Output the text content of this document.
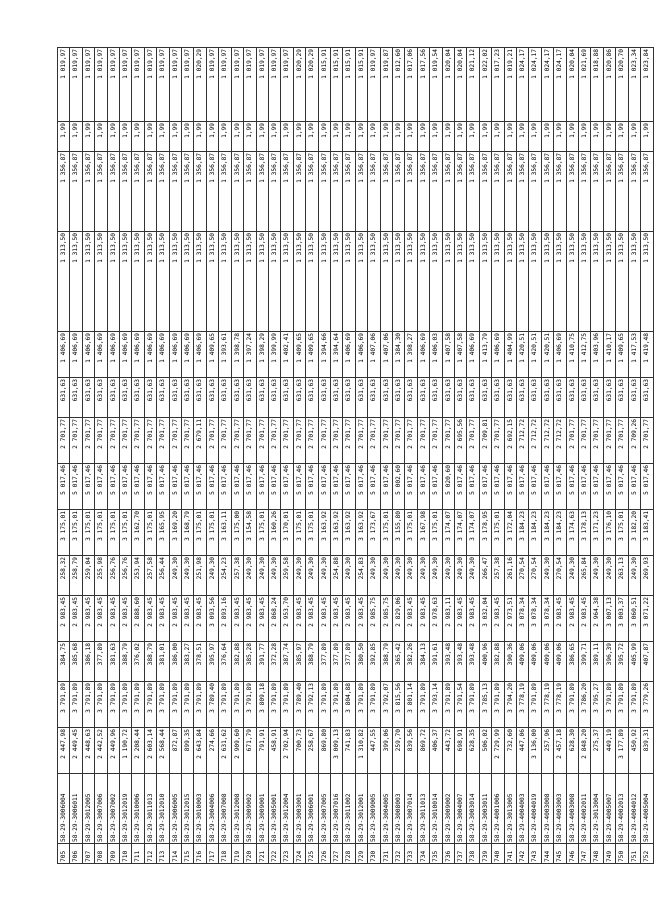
705	58-29-3006004	2 447,98	3 791,89	384,75	2 983,45	258,32	3 175,01	5 017,46	2 701,77	631,63	1 406,69	1 313,50	1 356,87	1,99	1 019,97
706	58-29-3006011	2 449,45	3 791,89	385,68	2 983,45	258,79	3 175,01	5 017,46	2 701,77	631,63	1 406,69	1 313,50	1 356,87	1,99	1 019,97
707	58-29-3012005	2 448,63	3 791,89	386,18	2 983,45	259,04	3 175,01	5 017,46	2 701,77	631,63	1 406,69	1 313,50	1 356,87	1,99	1 019,97
708	58-29-3007006	2 442,52	3 791,89	377,89	2 983,45	255,98	3 175,01	5 017,46	2 701,77	631,63	1 406,69	1 313,50	1 356,87	1,99	1 019,97
709	58-29-3007002	2 449,96	3 791,89	381,63	2 983,45	256,76	3 175,01	5 017,46	2 701,77	631,63	1 406,69	1 313,50	1 356,87	1,99	1 019,97
710	58-29-3012019	1 190,72	3 791,89	388,79	2 983,45	256,76	3 175,01	5 017,46	2 701,77	631,63	1 406,69	1 313,50	1 356,87	1,99	1 019,97
711	58-29-3010006	2 208,44	3 791,89	376,02	2 888,60	253,94	3 162,70	5 017,46	2 701,77	631,63	1 406,69	1 313,50	1 356,87	1,99	1 019,97
712	58-29-3011013	2 603,14	3 791,89	388,79	2 983,45	257,58	3 175,01	5 017,46	2 701,77	631,63	1 406,69	1 313,50	1 356,87	1,99	1 019,97
713	58-29-3012010	2 568,44	3 791,89	381,01	2 983,45	256,44	3 165,95	5 017,46	2 701,77	631,63	1 406,69	1 313,50	1 356,87	1,99	1 019,97
714	58-29-3006005	872,87	3 791,89	386,00	2 983,45	249,30	3 169,20	5 017,46	2 701,77	631,63	1 406,69	1 313,50	1 356,87	1,99	1 019,97
715	58-29-3012015	899,35	3 791,89	383,27	2 983,45	249,30	3 168,79	5 017,46	2 701,77	631,63	1 406,69	1 313,50	1 356,87	1,99	1 019,97
716	58-29-3010003	2 643,84	3 791,89	378,51	2 983,45	251,98	3 175,01	5 017,46	2 679,11	631,63	1 406,69	1 313,50	1 356,87	1,99	1 020,29
717	58-29-3004006	274,66	3 789,40	395,97	3 093,56	249,30	3 175,01	5 017,46	2 701,77	631,63	1 409,65	1 313,50	1 356,87	1,99	1 019,97
718	58-29-3007008	2 631,62	3 791,89	376,64	2 893,16	254,23	3 163,11	5 017,46	2 701,77	631,63	1 393,61	1 313,50	1 356,87	1,99	1 019,97
719	58-29-3012008	2 909,60	3 791,89	382,88	2 983,45	257,38	3 175,00	5 017,46	2 701,77	631,63	1 398,78	1 313,50	1 356,87	1,99	1 019,97
720	58-29-3009002	671,79	3 791,89	385,28	2 983,45	249,30	3 154,58	5 017,46	2 701,77	631,63	1 397,24	1 313,50	1 356,87	1,99	1 019,97
721	58-29-3009001	791,91	3 809,18	391,77	2 983,45	249,30	3 175,01	5 017,46	2 701,77	631,63	1 398,29	1 313,50	1 356,87	1,99	1 019,97
722	58-29-3005001	458,91	3 791,89	372,28	2 868,24	249,30	3 160,26	5 017,46	2 701,77	631,63	1 399,99	1 313,50	1 356,87	1,99	1 019,97
723	58-29-3012004	2 702,94	3 791,89	387,74	2 953,70	259,58	3 170,01	5 017,46	2 701,77	631,63	1 402,41	1 313,50	1 356,87	1,99	1 019,97
724	58-29-3003001	700,73	3 789,40	385,97	2 983,45	249,30	3 175,01	5 017,46	2 701,77	631,63	1 409,65	1 313,50	1 356,87	1,99	1 020,29
725	58-29-3006001	258,67	3 792,13	388,79	2 983,45	249,30	3 175,01	5 017,46	2 701,77	631,63	1 409,65	1 313,50	1 356,87	1,99	1 020,29
726	58-29-3007005	869,80	3 791,89	377,89	2 983,45	249,30	3 163,92	5 017,46	2 701,77	631,63	1 394,66	1 313,50	1 356,87	1,99	1 015,91
727	58-29-3007016	3 009,13	3 791,89	377,89	2 983,45	254,88	3 163,92	5 017,46	2 701,77	631,63	1 394,64	1 313,50	1 356,87	1,99	1 015,91
728	58-29-3011002	741,83	3 804,88	377,89	2 983,45	249,30	3 163,92	5 017,46	2 701,77	631,63	1 406,69	1 313,50	1 356,87	1,99	1 015,91
729	58-29-3012001	1 310,82	3 791,89	380,50	2 983,45	254,83	3 163,92	5 017,46	2 701,77	631,63	1 406,69	1 313,50	1 356,87	1,99	1 015,91
730	58-29-3009005	447,55	3 791,89	392,85	2 985,75	249,30	3 173,67	5 017,46	2 701,77	631,63	1 407,06	1 313,50	1 356,87	1,99	1 019,97
731	58-29-3004005	399,06	3 792,07	388,79	2 985,75	249,30	3 175,01	5 017,46	2 701,77	631,63	1 407,06	1 313,50	1 356,87	1,99	1 019,87
732	58-29-3008003	259,70	3 815,56	365,42	2 829,06	249,30	3 155,80	5 002,60	2 701,77	631,63	1 384,30	1 313,50	1 356,87	1,99	1 012,60
733	58-29-3007014	839,56	3 801,14	382,26	2 983,45	249,30	3 175,01	5 017,46	2 701,77	631,63	1 398,27	1 313,50	1 356,87	1,99	1 017,06
734	58-29-3011013	869,72	3 791,89	384,13	2 983,45	249,30	3 167,98	5 017,46	2 701,77	631,63	1 406,69	1 313,50	1 356,87	1,99	1 017,56
735	58-29-3010014	406,37	3 793,14	391,61	2 978,63	249,30	3 175,01	5 017,46	2 701,77	631,63	1 406,03	1 313,50	1 356,87	1,99	1 019,54
736	58-29-3009002	443,72	3 791,89	393,48	2 983,11	249,30	3 174,07	5 020,60	2 701,77	631,63	1 407,58	1 313,50	1 356,87	1,99	1 020,04
737	58-29-3004007	698,91	3 791,54	393,48	2 983,45	249,30	3 174,07	5 017,46	2 695,56	631,63	1 407,58	1 313,50	1 356,87	1,99	1 020,04
738	58-29-3003014	628,35	3 791,89	393,48	2 983,45	249,30	3 174,07	5 017,46	2 701,77	631,63	1 406,69	1 313,50	1 356,87	1,99	1 021,12
739	58-29-3003011	506,02	3 785,13	400,96	3 032,04	266,47	3 178,95	5 017,46	2 709,81	631,63	1 413,79	1 313,50	1 356,87	1,99	1 022,02
740	58-29-4001006	2 729,99	3 791,89	382,88	2 983,45	257,38	3 175,01	5 017,46	2 701,77	631,63	1 406,69	1 313,50	1 356,87	1,99	1 017,23
741	58-29-3013005	732,60	3 794,20	390,36	2 973,51	261,16	3 172,04	5 017,46	2 692,15	631,63	1 404,99	1 313,50	1 356,87	1,99	1 019,21
742	58-29-4004003	447,06	3 778,19	409,06	3 078,34	270,54	3 184,23	5 017,46	2 712,72	631,63	1 420,51	1 313,50	1 356,87	1,99	1 024,17
743	58-29-4004019	3 136,00	3 791,89	409,06	3 078,34	270,54	3 184,23	5 017,46	2 712,72	631,63	1 420,51	1 313,50	1 356,87	1,99	1 024,17
744	58-29-4003008	257,96	3 778,19	409,06	3 078,34	249,30	3 184,23	5 017,46	2 712,72	631,63	1 420,51	1 313,50	1 356,87	1,99	1 024,17
745	58-29-4003003	2 457,18	3 778,19	409,06	2 983,45	270,54	3 184,23	5 017,46	2 712,72	631,63	1 406,69	1 313,50	1 356,87	1,99	1 024,17
746	58-29-4003008	628,30	3 791,89	386,65	2 983,45	249,30	3 174,63	5 017,46	2 701,77	631,63	1 410,75	1 313,50	1 356,87	1,99	1 020,04
747	58-29-4002011	2 848,20	3 786,20	399,71	2 983,45	265,84	3 178,13	5 017,46	2 701,77	631,63	1 412,75	1 313,50	1 356,87	1,99	1 021,69
748	58-29-3013004	275,37	3 795,27	389,11	2 964,38	249,30	3 171,23	5 017,46	2 701,77	631,63	1 403,96	1 313,50	1 356,87	1,99	1 018,88
749	58-29-4005007	449,19	3 791,89	396,39	3 007,13	249,30	3 176,10	5 017,46	2 701,77	631,63	1 410,17	1 313,50	1 356,87	1,99	1 020,86
750	58-29-4002013	3 177,89	3 791,89	395,72	3 003,37	263,13	3 175,01	5 017,46	2 701,77	631,63	1 409,65	1 313,50	1 356,87	1,99	1 020,70
751	58-29-4004012	450,92	3 791,89	405,99	3 060,51	249,30	3 182,20	5 017,46	2 709,26	631,63	1 417,53	1 313,50	1 356,87	1,99	1 023,34
752	58-29-4005004	839,31	3 779,26	407,87	3 071,22	269,93	3 183,41	5 017,46	2 701,77	631,63	1 419,48	1 313,50	1 356,87	1,99	1 023,84
